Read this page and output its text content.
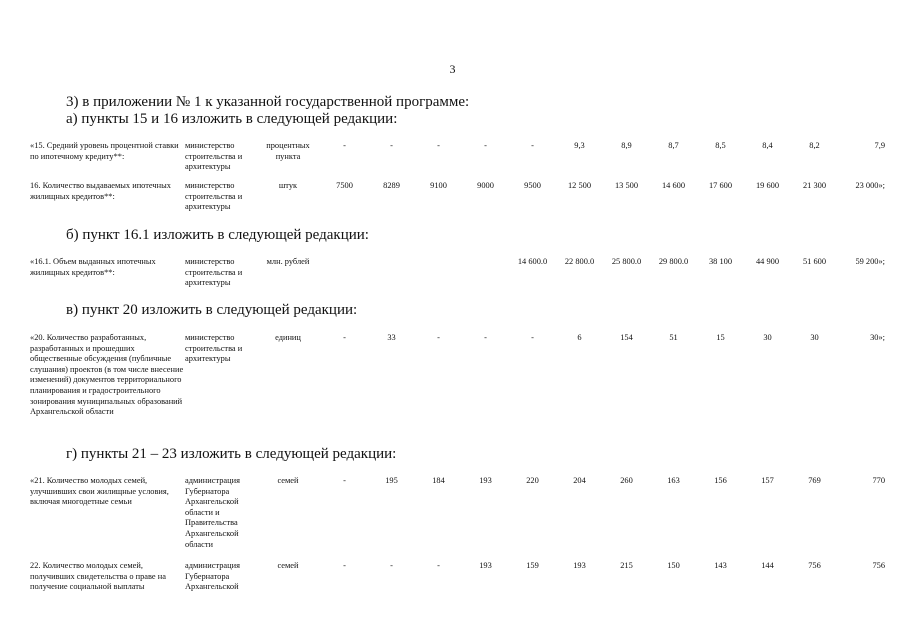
3
3) в приложении № 1 к указанной государственной программе:
а) пункты 15 и 16 изложить в следующей редакции:
«15. Средний уровень процентной ставки по ипотечному кредиту**:	министерство строительства и архитектуры	процентных пункта	-	-	-	-	-	9,3	8,9	8,7	8,5	8,4	8,2	7,9
16. Количество выдаваемых ипотечных жилищных кредитов**:	министерство строительства и архитектуры	штук	7500	8289	9100	9000	9500	12 500	13 500	14 600	17 600	19 600	21 300	23 000»;
б) пункт 16.1 изложить в следующей редакции:
«16.1. Объем выданных ипотечных жилищных кредитов**:	министерство строительства и архитектуры	млн. рублей					14 600.0	22 800.0	25 800.0	29 800.0	38 100	44 900	51 600	59 200»;
в) пункт 20 изложить в следующей редакции:
«20. Количество разработанных, разработанных и прошедших общественные обсуждения (публичные слушания) проектов (в том числе внесение изменений) документов территориального планирования и градостроительного зонирования муниципальных образований Архангельской области	министерство строительства и архитектуры	единиц	-	33	-	-	-	6	154	51	15	30	30	30»;
г) пункты 21 – 23 изложить в следующей редакции:
«21. Количество молодых семей, улучшивших свои жилищные условия, включая многодетные семьи	администрация Губернатора Архангельской области и Правительства Архангельской области	семей	-	195	184	193	220	204	260	163	156	157	769	770
22. Количество молодых семей, получивших свидетельства о праве на получение социальной выплаты	администрация Губернатора Архангельской	семей	-	-	-	193	159	193	215	150	143	144	756	756
